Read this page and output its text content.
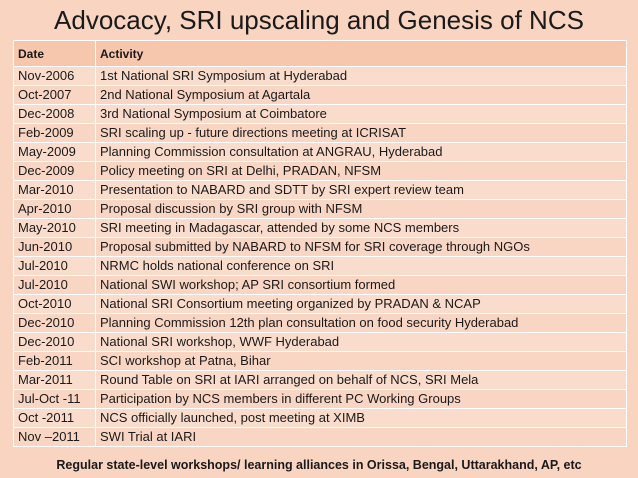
Advocacy, SRI upscaling and Genesis of NCS
Date	Activity
Nov-2006	1st National SRI Symposium at Hyderabad
Oct-2007	2nd National Symposium at Agartala
Dec-2008	3rd National Symposium at Coimbatore
Feb-2009	SRI scaling up - future directions meeting at ICRISAT
May-2009	Planning Commission consultation at ANGRAU, Hyderabad
Dec-2009	Policy meeting on SRI at Delhi, PRADAN, NFSM
Mar-2010	Presentation to NABARD and SDTT by SRI expert review team
Apr-2010	Proposal discussion by SRI group with NFSM
May-2010	SRI meeting in Madagascar, attended by some NCS members
Jun-2010	Proposal submitted by NABARD to NFSM for SRI coverage through NGOs
Jul-2010	NRMC holds national conference on SRI
Jul-2010	National SWI workshop; AP SRI consortium formed
Oct-2010	National SRI Consortium meeting organized by PRADAN & NCAP
Dec-2010	Planning Commission 12th plan consultation on food security Hyderabad
Dec-2010	National SRI workshop, WWF Hyderabad
Feb-2011	SCI workshop at Patna, Bihar
Mar-2011	Round Table on SRI at IARI arranged on behalf of NCS, SRI Mela
Jul-Oct -11	Participation by NCS members in different PC Working Groups
Oct -2011	NCS officially launched, post meeting at XIMB
Nov –2011	SWI Trial at IARI
Regular state-level workshops/ learning alliances in Orissa, Bengal, Uttarakhand, AP, etc
